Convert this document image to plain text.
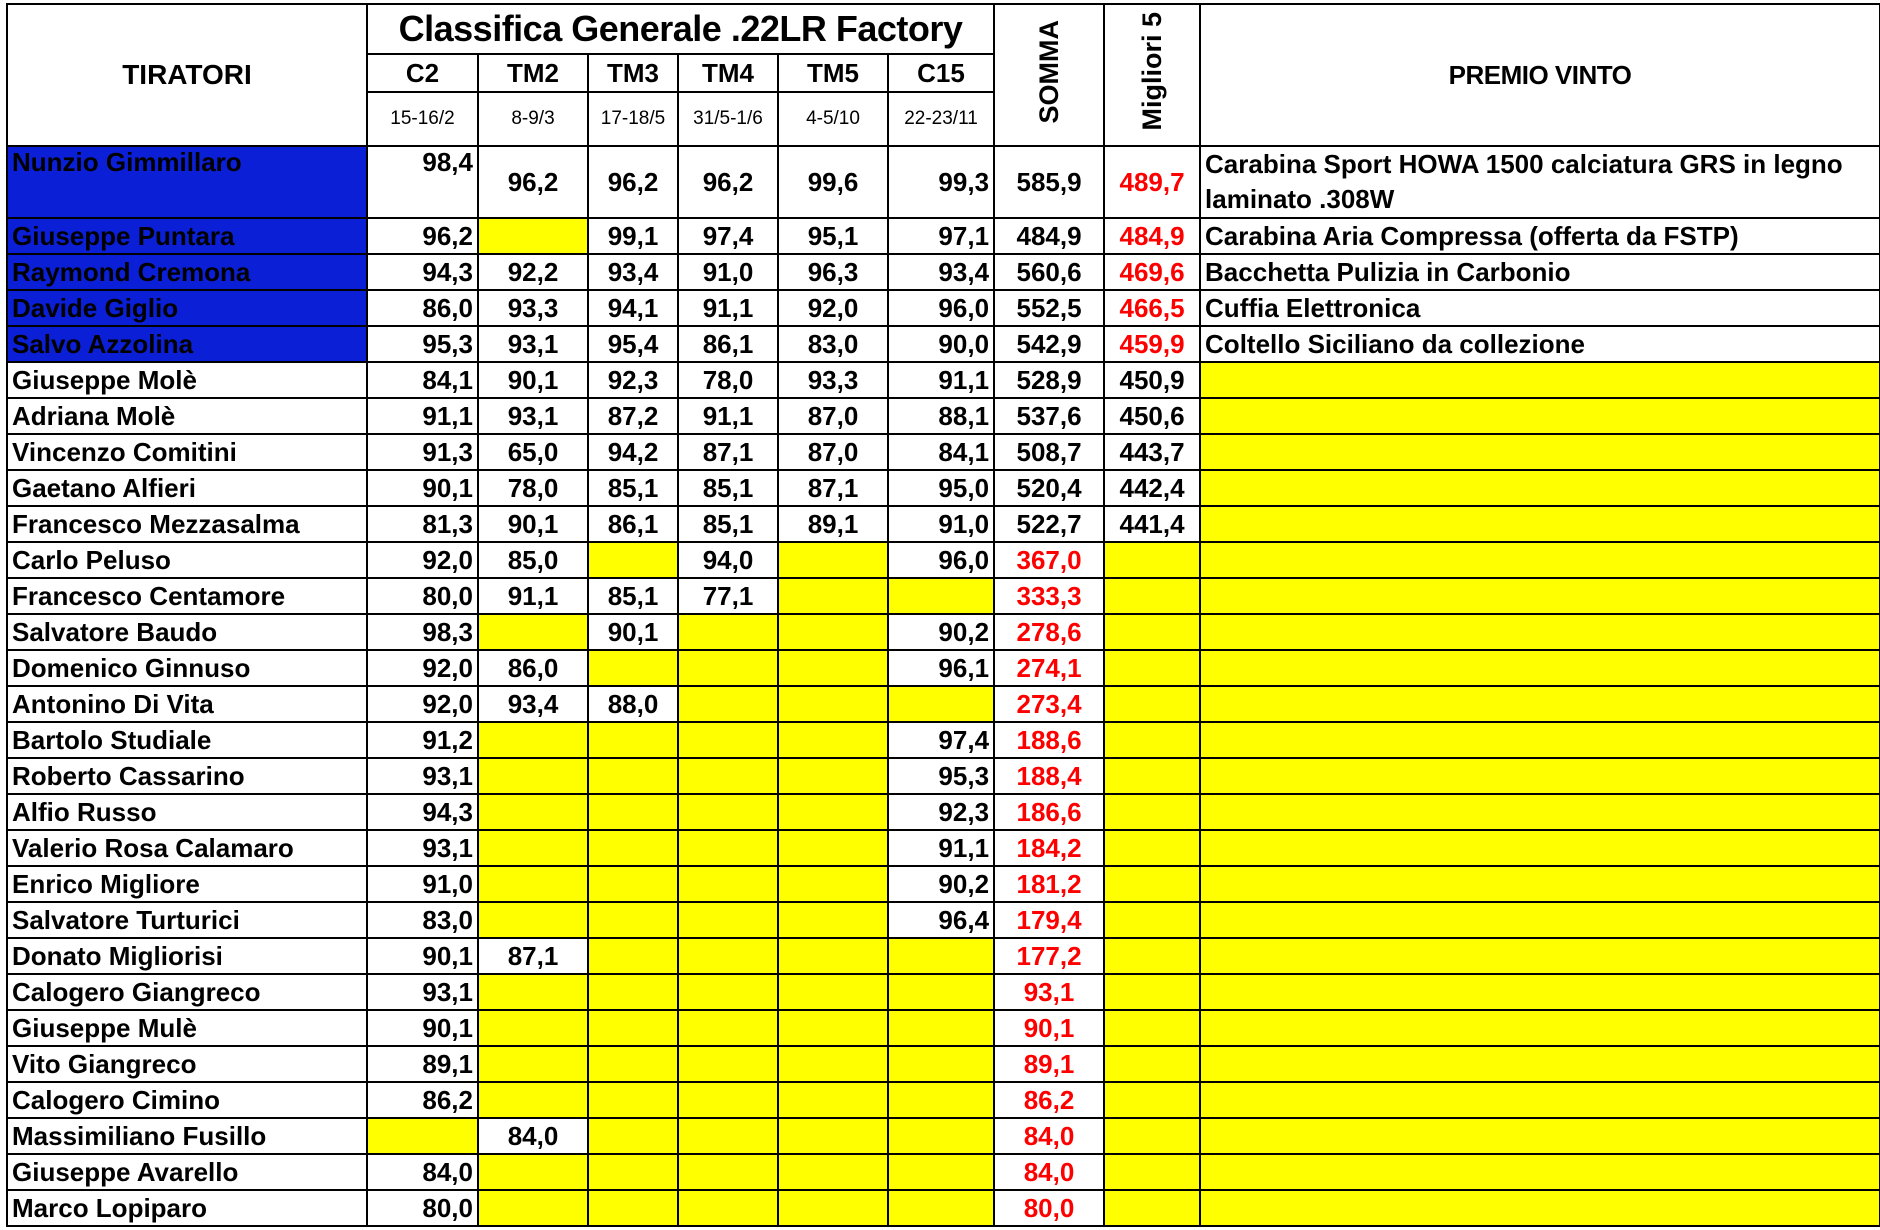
TIRATORI	Classifica Generale .22LR Factory						SOMMA	Migliori 5	PREMIO VINTO
	C2	TM2	TM3	TM4	TM5	C15			
	15-16/2	8-9/3	17-18/5	31/5-1/6	4-5/10	22-23/11			
Nunzio Gimmillaro	98,4	96,2	96,2	96,2	99,6	99,3	585,9	489,7	Carabina Sport HOWA 1500 calciatura GRS in legno laminato .308W
Giuseppe Puntara	96,2		99,1	97,4	95,1	97,1	484,9	484,9	Carabina Aria Compressa (offerta da FSTP)
Raymond Cremona	94,3	92,2	93,4	91,0	96,3	93,4	560,6	469,6	Bacchetta Pulizia in Carbonio
Davide Giglio	86,0	93,3	94,1	91,1	92,0	96,0	552,5	466,5	Cuffia Elettronica
Salvo Azzolina	95,3	93,1	95,4	86,1	83,0	90,0	542,9	459,9	Coltello Siciliano da collezione
Giuseppe Molè	84,1	90,1	92,3	78,0	93,3	91,1	528,9	450,9	
Adriana Molè	91,1	93,1	87,2	91,1	87,0	88,1	537,6	450,6	
Vincenzo Comitini	91,3	65,0	94,2	87,1	87,0	84,1	508,7	443,7	
Gaetano Alfieri	90,1	78,0	85,1	85,1	87,1	95,0	520,4	442,4	
Francesco Mezzasalma	81,3	90,1	86,1	85,1	89,1	91,0	522,7	441,4	
Carlo Peluso	92,0	85,0		94,0		96,0	367,0		
Francesco Centamore	80,0	91,1	85,1	77,1			333,3		
Salvatore Baudo	98,3		90,1			90,2	278,6		
Domenico Ginnuso	92,0	86,0				96,1	274,1		
Antonino Di Vita	92,0	93,4	88,0				273,4		
Bartolo Studiale	91,2					97,4	188,6		
Roberto Cassarino	93,1					95,3	188,4		
Alfio Russo	94,3					92,3	186,6		
Valerio Rosa Calamaro	93,1					91,1	184,2		
Enrico Migliore	91,0					90,2	181,2		
Salvatore Turturici	83,0					96,4	179,4		
Donato Migliorisi	90,1	87,1					177,2		
Calogero Giangreco	93,1						93,1		
Giuseppe Mulè	90,1						90,1		
Vito Giangreco	89,1						89,1		
Calogero Cimino	86,2						86,2		
Massimiliano Fusillo		84,0					84,0		
Giuseppe Avarello	84,0						84,0		
Marco Lopiparo	80,0						80,0		
